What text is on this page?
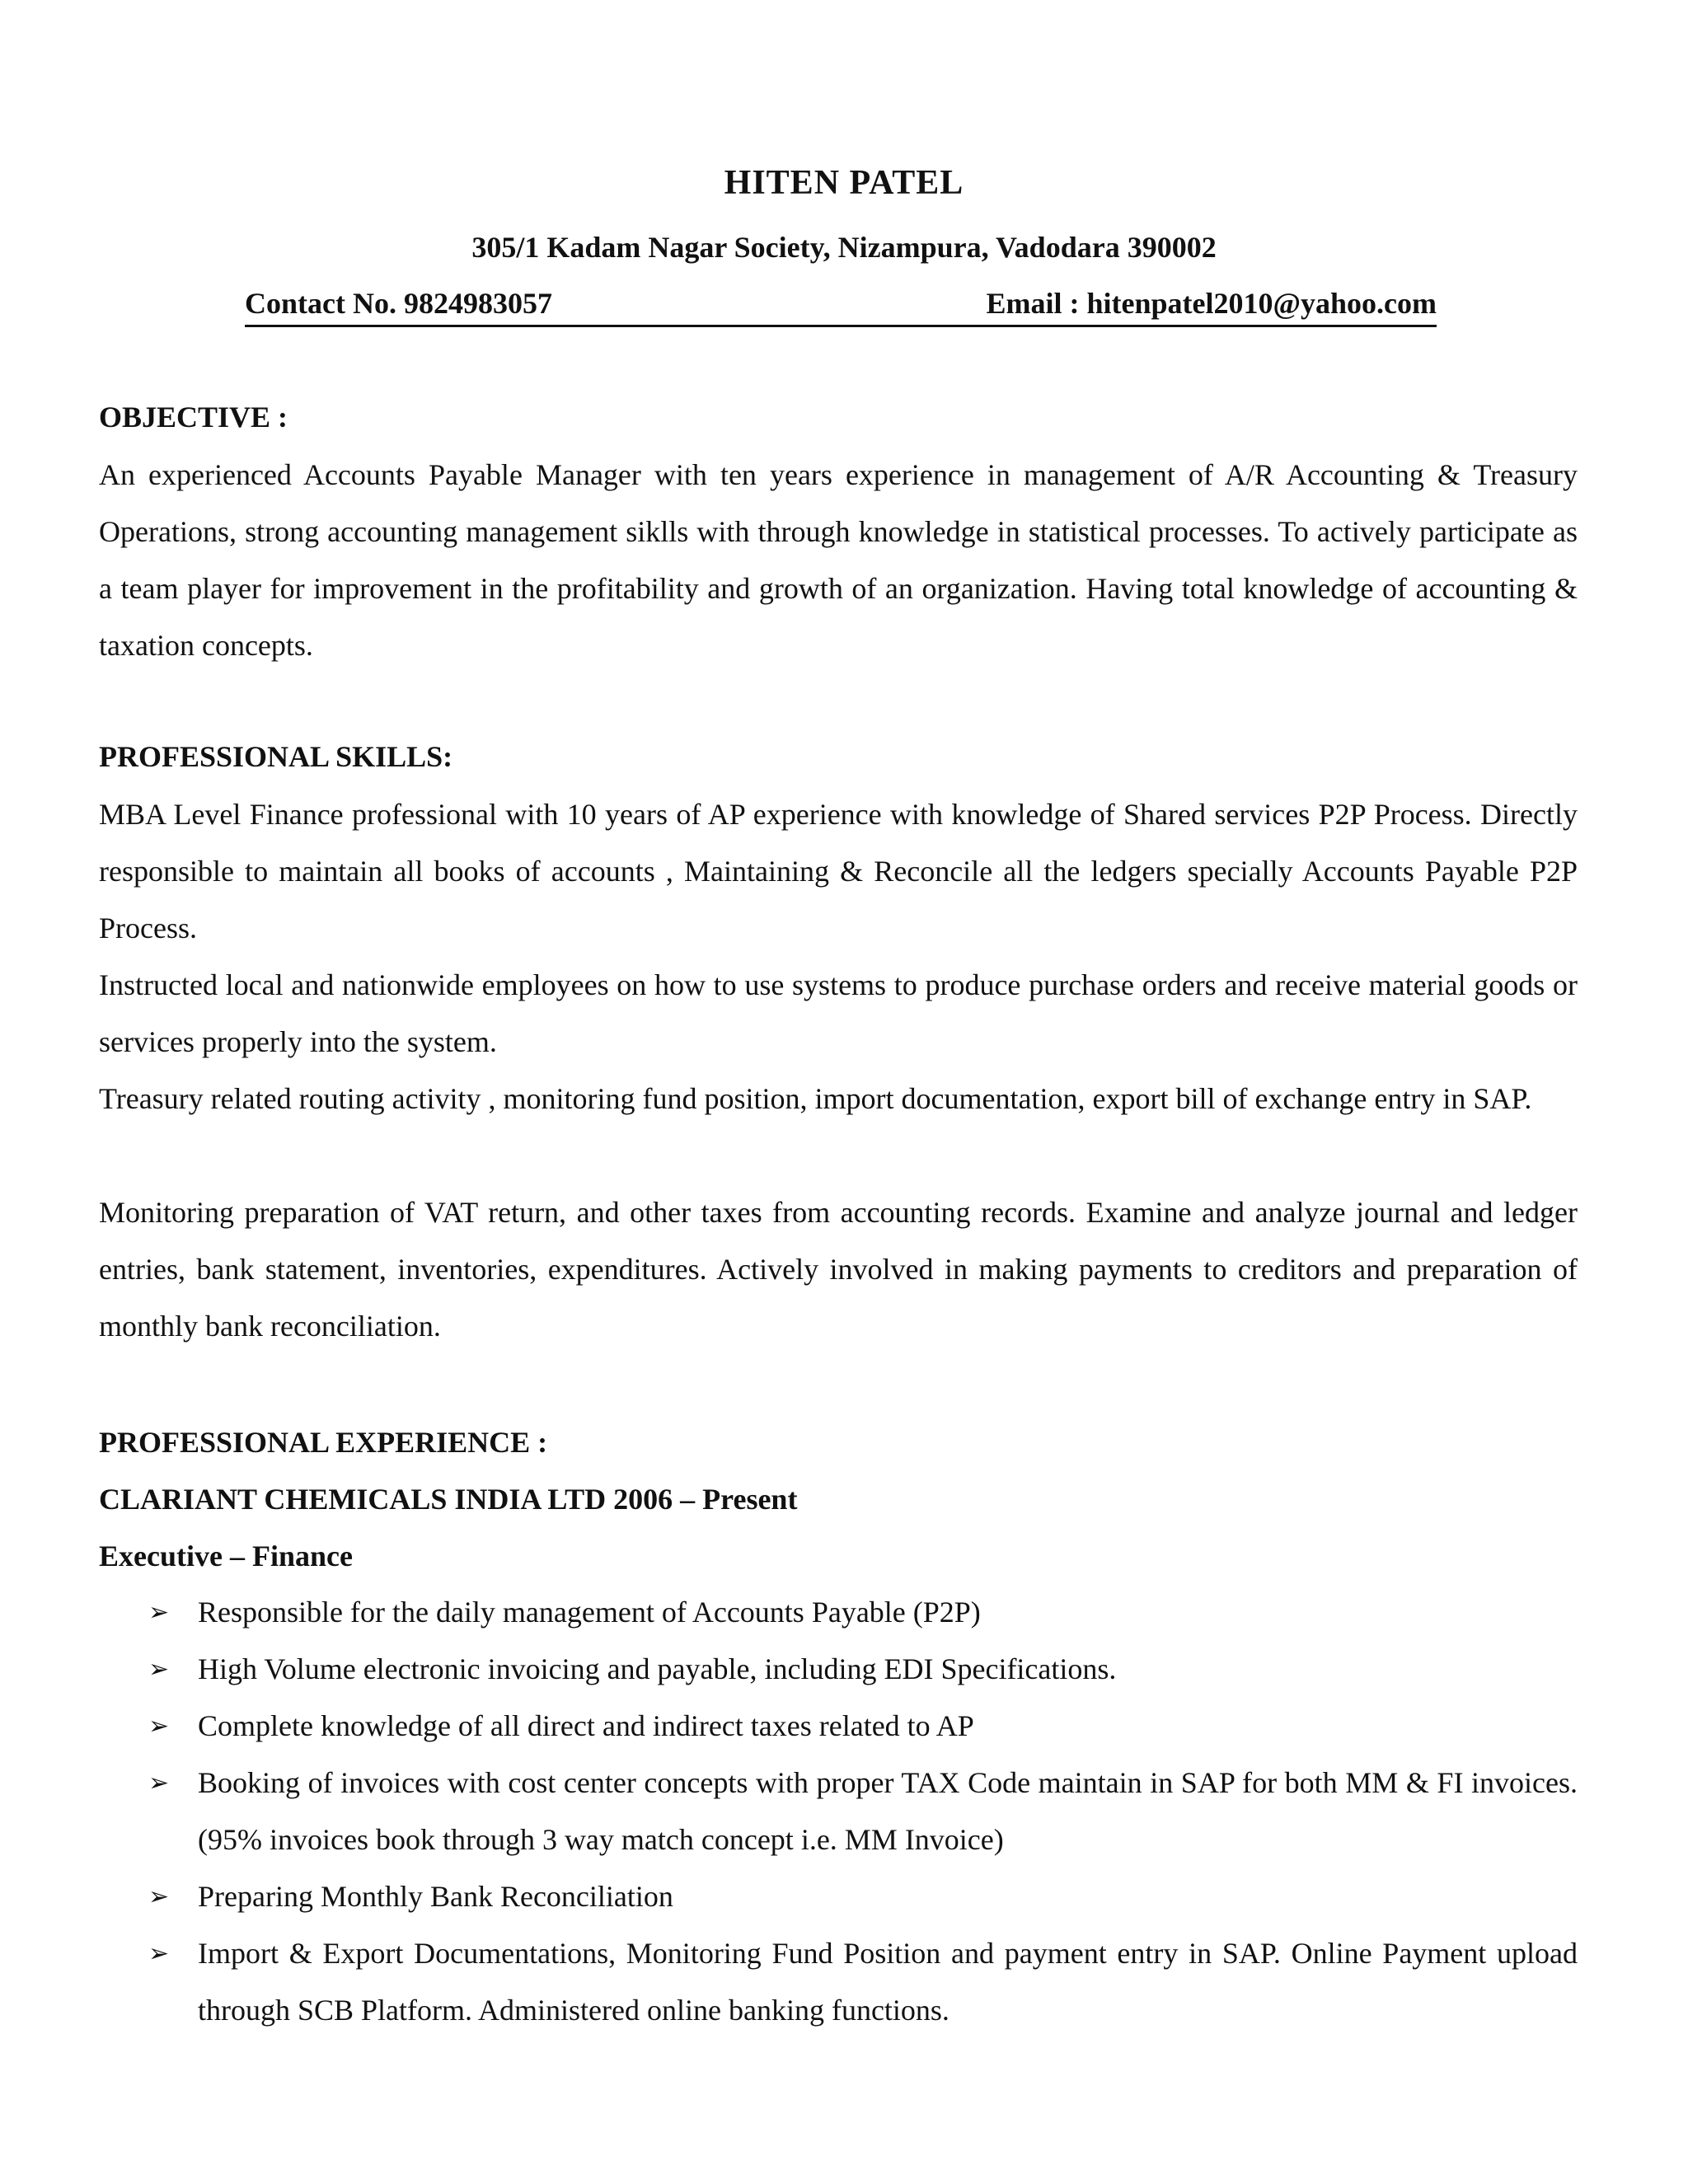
HITEN PATEL
305/1 Kadam Nagar Society, Nizampura, Vadodara 390002
Contact No. 9824983057	Email : hitenpatel2010@yahoo.com
OBJECTIVE :
An experienced Accounts Payable Manager with ten years experience in management of A/R Accounting & Treasury Operations, strong accounting management siklls with through knowledge in statistical processes. To actively participate as a team player for improvement in the profitability and growth of an organization. Having total knowledge of accounting & taxation concepts.
PROFESSIONAL SKILLS:
MBA Level Finance professional with 10 years of AP experience with knowledge of Shared services P2P Process. Directly responsible to maintain all books of accounts , Maintaining & Reconcile all the ledgers specially Accounts Payable P2P Process.
Instructed local and nationwide employees on how to use systems to produce purchase orders and receive material goods or services properly into the system.
Treasury related routing activity , monitoring fund position, import documentation, export bill of exchange entry in SAP.
Monitoring preparation of VAT return, and other taxes from accounting records. Examine and analyze journal and ledger entries, bank statement, inventories, expenditures. Actively involved in making payments to creditors and preparation of monthly bank reconciliation.
PROFESSIONAL EXPERIENCE :
CLARIANT CHEMICALS INDIA LTD 2006 – Present
Executive – Finance
➢ Responsible for the daily management of Accounts Payable (P2P)
➢ High Volume electronic invoicing and payable, including EDI Specifications.
➢ Complete knowledge of all direct and indirect taxes related to AP
➢ Booking of invoices with cost center concepts with proper TAX Code maintain in SAP for both MM & FI invoices. (95% invoices book through 3 way match concept i.e. MM Invoice)
➢ Preparing Monthly Bank Reconciliation
➢ Import & Export Documentations, Monitoring Fund Position and payment entry in SAP. Online Payment upload through SCB Platform. Administered online banking functions.
